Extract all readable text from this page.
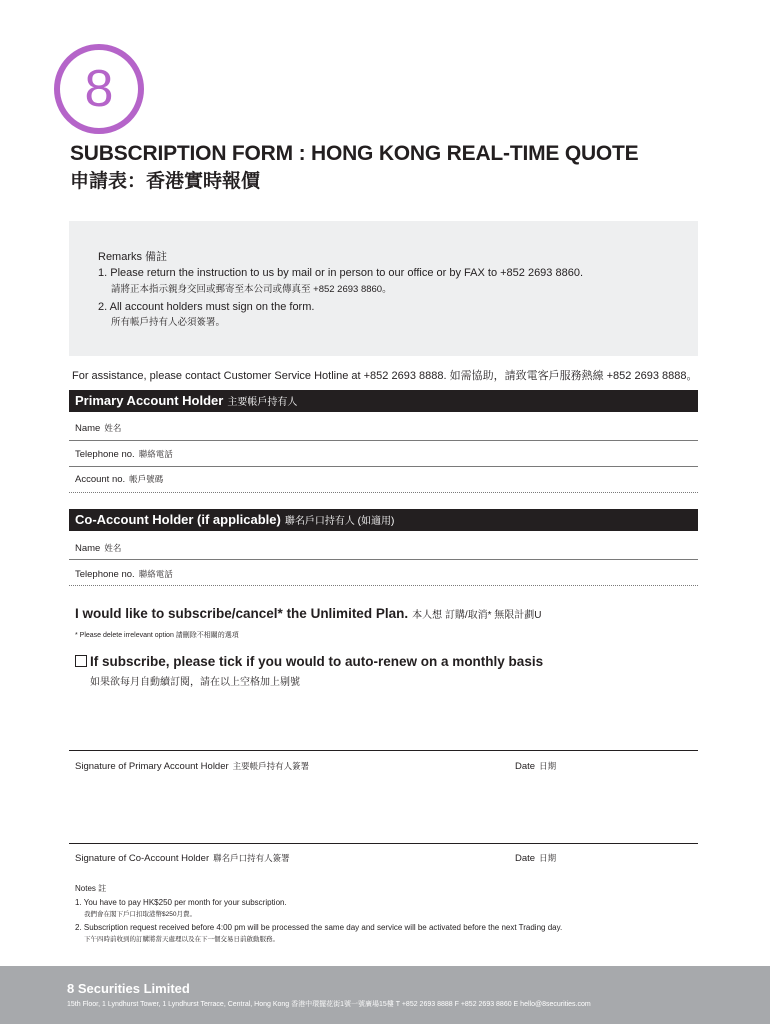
8
SUBSCRIPTION FORM : HONG KONG REAL-TIME QUOTE
申請表：香港實時報價
Remarks 備註
1. Please return the instruction to us by mail or in person to our office or by FAX to +852 2693 8860.
請將正本指示親身交回或郵寄至本公司或傳真至 +852 2693 8860。
2. All account holders must sign on the form.
所有帳戶持有人必須簽署。
For assistance, please contact Customer Service Hotline at +852 2693 8888. 如需協助，請致電客戶服務熱線 +852 2693 8888。
Primary Account Holder 主要帳戶持有人
Name 姓名
Telephone no. 聯絡電話
Account no. 帳戶號碼
Co-Account Holder (if applicable) 聯名戶口持有人 (如適用)
Name 姓名
Telephone no. 聯絡電話
I would like to subscribe/cancel* the Unlimited Plan. 本人想 訂購/取消* 無限計劃U
* Please delete irrelevant option 請刪除不相關的選項
If subscribe, please tick if you would to auto-renew on a monthly basis
如果欲每月自動續訂閱，請在以上空格加上剔號
Signature of Primary Account Holder 主要帳戶持有人簽署	Date 日期
Signature of Co-Account Holder 聯名戶口持有人簽署	Date 日期
Notes 註
1. You have to pay HK$250 per month for your subscription.
我們會在閣下戶口扣取港幣$250月費。
2. Subscription request received before 4:00 pm will be processed the same day and service will be activated before the next Trading day.
下午四時前收到的訂購將當天處理以及在下一個交易日前啟動服務。
8 Securities Limited
15th Floor, 1 Lyndhurst Tower, 1 Lyndhurst Terrace, Central, Hong Kong 香港中環擺花街1號一號廣場15樓 T +852 2693 8888 F +852 2693 8860 E hello@8securities.com
